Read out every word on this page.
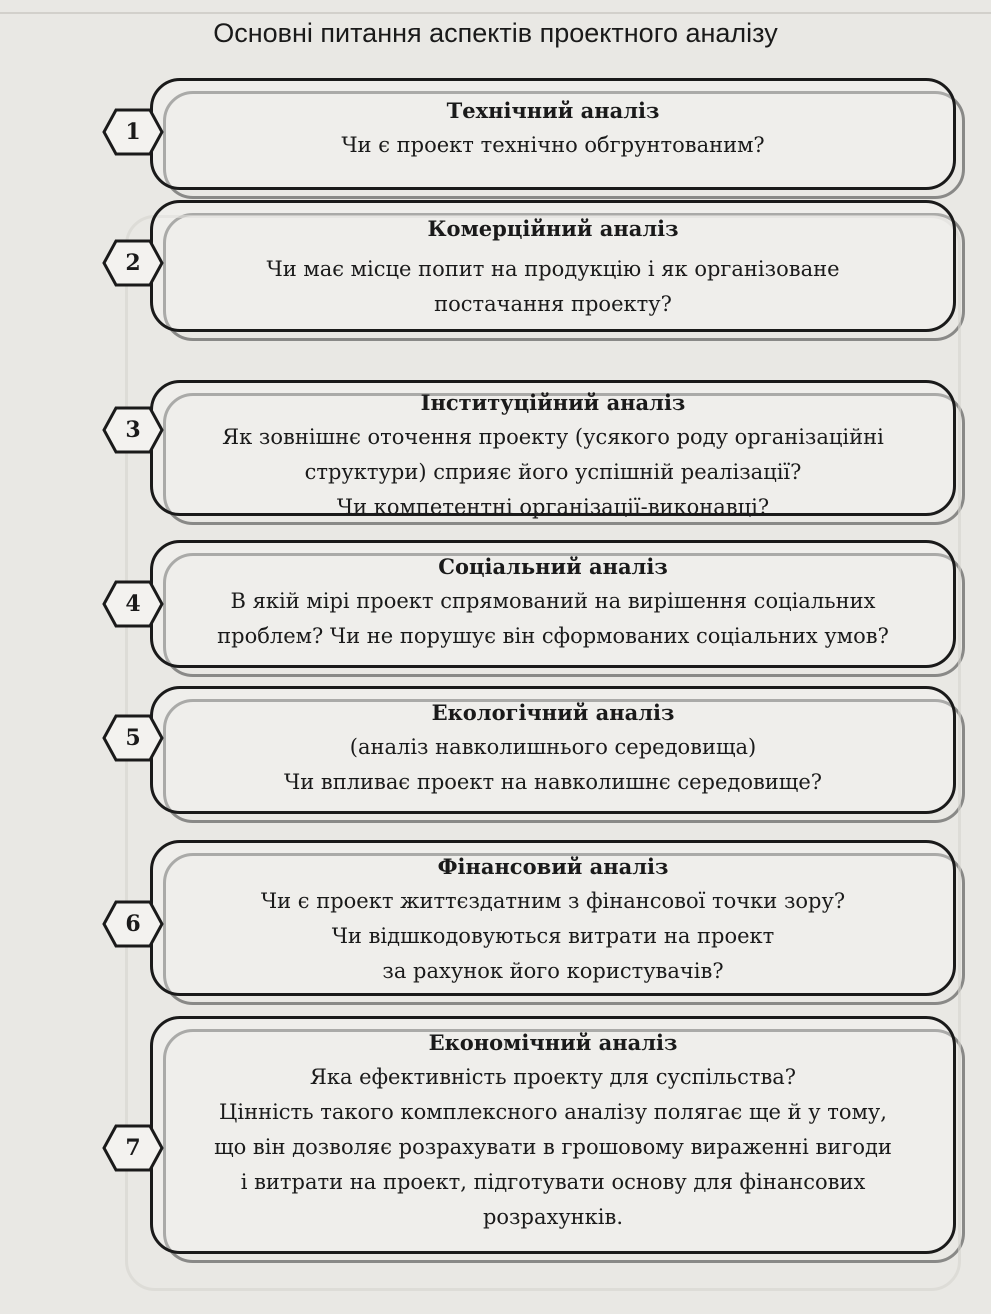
Основні питання аспектів проектного аналізу
Технічний аналіз
Чи є проект технічно обгрунтованим?
1
Комерційний аналіз
Чи має місце попит на продукцію і як організоване
постачання проекту?
2
Інституційний аналіз
Як зовнішнє оточення проекту (усякого роду організаційні
структури) сприяє його успішній реалізації?
Чи компетентні організації-виконавці?
3
Соціальний аналіз
В якій мірі проект спрямований на вирішення соціальних
проблем? Чи не порушує він сформованих соціальних умов?
4
Екологічний аналіз
(аналіз навколишнього середовища)
Чи впливає проект на навколишнє середовище?
5
Фінансовий аналіз
Чи є проект життєздатним з фінансової точки зору?
Чи відшкодовуються витрати на проект
за рахунок його користувачів?
6
Економічний аналіз
Яка ефективність проекту для суспільства?
Цінність такого комплексного аналізу полягає ще й у тому,
що він дозволяє розрахувати в грошовому вираженні вигоди
і витрати на проект, підготувати основу для фінансових
розрахунків.
7
